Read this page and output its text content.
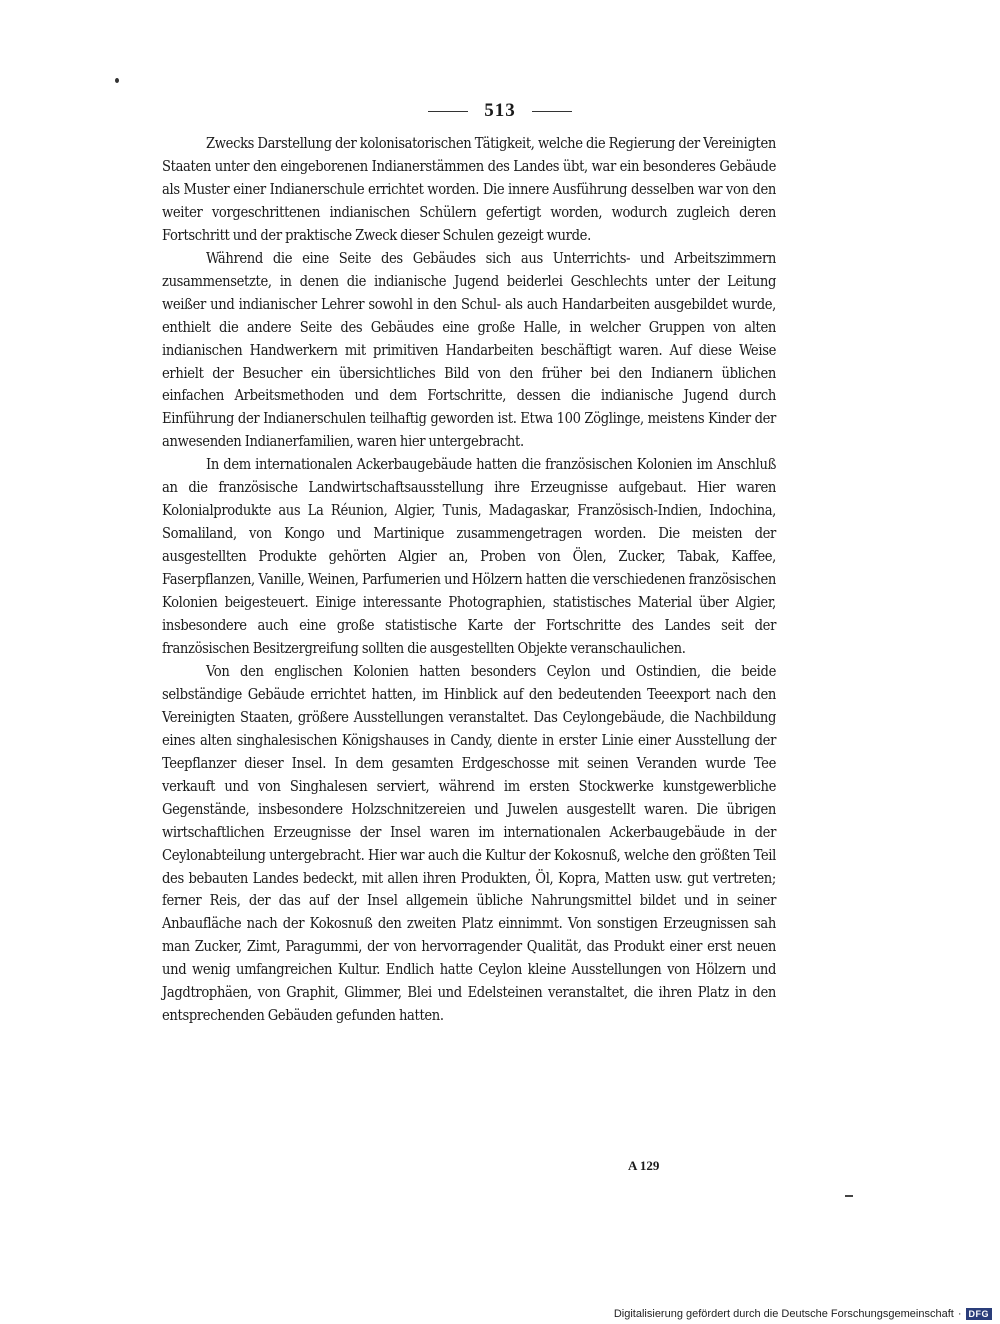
513

Zwecks Darstellung der kolonisatorischen Tätigkeit, welche die Regierung der Vereinigten Staaten unter den eingeborenen Indianerstämmen des Landes übt, war ein besonderes Gebäude als Muster einer Indianerschule errichtet worden. Die innere Ausführung desselben war von den weiter vorgeschrittenen indianischen Schülern gefertigt worden, wodurch zugleich deren Fortschritt und der praktische Zweck dieser Schulen gezeigt wurde.

Während die eine Seite des Gebäudes sich aus Unterrichts- und Arbeitszimmern zusammensetzte, in denen die indianische Jugend beiderlei Geschlechts unter der Leitung weißer und indianischer Lehrer sowohl in den Schul- als auch Handarbeiten ausgebildet wurde, enthielt die andere Seite des Gebäudes eine große Halle, in welcher Gruppen von alten indianischen Handwerkern mit primitiven Handarbeiten beschäftigt waren. Auf diese Weise erhielt der Besucher ein übersichtliches Bild von den früher bei den Indianern üblichen einfachen Arbeitsmethoden und dem Fortschritte, dessen die indianische Jugend durch Einführung der Indianerschulen teilhaftig geworden ist. Etwa 100 Zöglinge, meistens Kinder der anwesenden Indianerfamilien, waren hier untergebracht.

In dem internationalen Ackerbaugebäude hatten die französischen Kolonien im Anschluß an die französische Landwirtschaftsausstellung ihre Erzeugnisse aufgebaut. Hier waren Kolonialprodukte aus La Réunion, Algier, Tunis, Madagaskar, Französisch-Indien, Indochina, Somaliland, von Kongo und Martinique zusammengetragen worden. Die meisten der ausgestellten Produkte gehörten Algier an, Proben von Ölen, Zucker, Tabak, Kaffee, Faserpflanzen, Vanille, Weinen, Parfumerien und Hölzern hatten die verschiedenen französischen Kolonien beigesteuert. Einige interessante Photographien, statistisches Material über Algier, insbesondere auch eine große statistische Karte der Fortschritte des Landes seit der französischen Besitzergreifung sollten die ausgestellten Objekte veranschaulichen.

Von den englischen Kolonien hatten besonders Ceylon und Ostindien, die beide selbständige Gebäude errichtet hatten, im Hinblick auf den bedeutenden Teeexport nach den Vereinigten Staaten, größere Ausstellungen veranstaltet. Das Ceylongebäude, die Nachbildung eines alten singhalesischen Königshauses in Candy, diente in erster Linie einer Ausstellung der Teepflanzer dieser Insel. In dem gesamten Erdgeschosse mit seinen Veranden wurde Tee verkauft und von Singhalesen serviert, während im ersten Stockwerke kunstgewerbliche Gegenstände, insbesondere Holzschnitzereien und Juwelen ausgestellt waren. Die übrigen wirtschaftlichen Erzeugnisse der Insel waren im internationalen Ackerbaugebäude in der Ceylonabteilung untergebracht. Hier war auch die Kultur der Kokosnuß, welche den größten Teil des bebauten Landes bedeckt, mit allen ihren Produkten, Öl, Kopra, Matten usw. gut vertreten; ferner Reis, der das auf der Insel allgemein übliche Nahrungsmittel bildet und in seiner Anbaufläche nach der Kokosnuß den zweiten Platz einnimmt. Von sonstigen Erzeugnissen sah man Zucker, Zimt, Paragummi, der von hervorragender Qualität, das Produkt einer erst neuen und wenig umfangreichen Kultur. Endlich hatte Ceylon kleine Ausstellungen von Hölzern und Jagdtrophäen, von Graphit, Glimmer, Blei und Edelsteinen veranstaltet, die ihren Platz in den entsprechenden Gebäuden gefunden hatten.

A 129
Digitalisierung gefördert durch die Deutsche Forschungsgemeinschaft · DFG
